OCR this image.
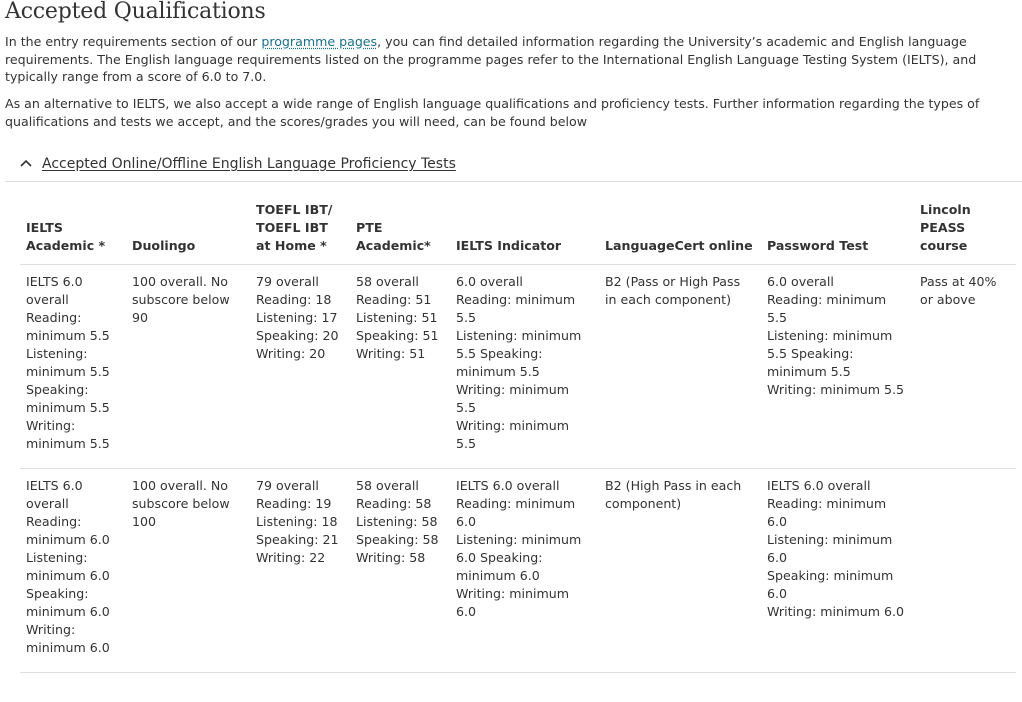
Accepted Qualifications

In the entry requirements section of our programme pages, you can find detailed information regarding the University’s academic and English language requirements. The English language requirements listed on the programme pages refer to the International English Language Testing System (IELTS), and typically range from a score of 6.0 to 7.0.

As an alternative to IELTS, we also accept a wide range of English language qualifications and proficiency tests. Further information regarding the types of qualifications and tests we accept, and the scores/grades you will need, can be found below

Accepted Online/Offline English Language Proficiency Tests
IELTS Academic *	Duolingo	TOEFL IBT/ TOEFL IBT at Home *	PTE Academic*	IELTS Indicator	LanguageCert online	Password Test	Lincoln PEASS course

IELTS 6.0 overall
Reading: minimum 5.5
Listening: minimum 5.5
Speaking: minimum 5.5
Writing: minimum 5.5	100 overall. No subscore below 90	79 overall
Reading: 18
Listening: 17
Speaking: 20
Writing: 20	58 overall
Reading: 51
Listening: 51
Speaking: 51
Writing: 51	6.0 overall
Reading: minimum 5.5
Listening: minimum 5.5 Speaking: minimum 5.5
Writing: minimum 5.5
Writing: minimum 5.5	B2 (Pass or High Pass in each component)	6.0 overall
Reading: minimum 5.5
Listening: minimum 5.5 Speaking: minimum 5.5
Writing: minimum 5.5	Pass at 40% or above

IELTS 6.0 overall
Reading: minimum 6.0
Listening: minimum 6.0
Speaking: minimum 6.0
Writing: minimum 6.0	100 overall. No subscore below 100	79 overall
Reading: 19
Listening: 18
Speaking: 21
Writing: 22	58 overall
Reading: 58
Listening: 58
Speaking: 58
Writing: 58	IELTS 6.0 overall
Reading: minimum 6.0
Listening: minimum 6.0 Speaking: minimum 6.0
Writing: minimum 6.0	B2 (High Pass in each component)	IELTS 6.0 overall
Reading: minimum 6.0
Listening: minimum 6.0
Speaking: minimum 6.0
Writing: minimum 6.0	
